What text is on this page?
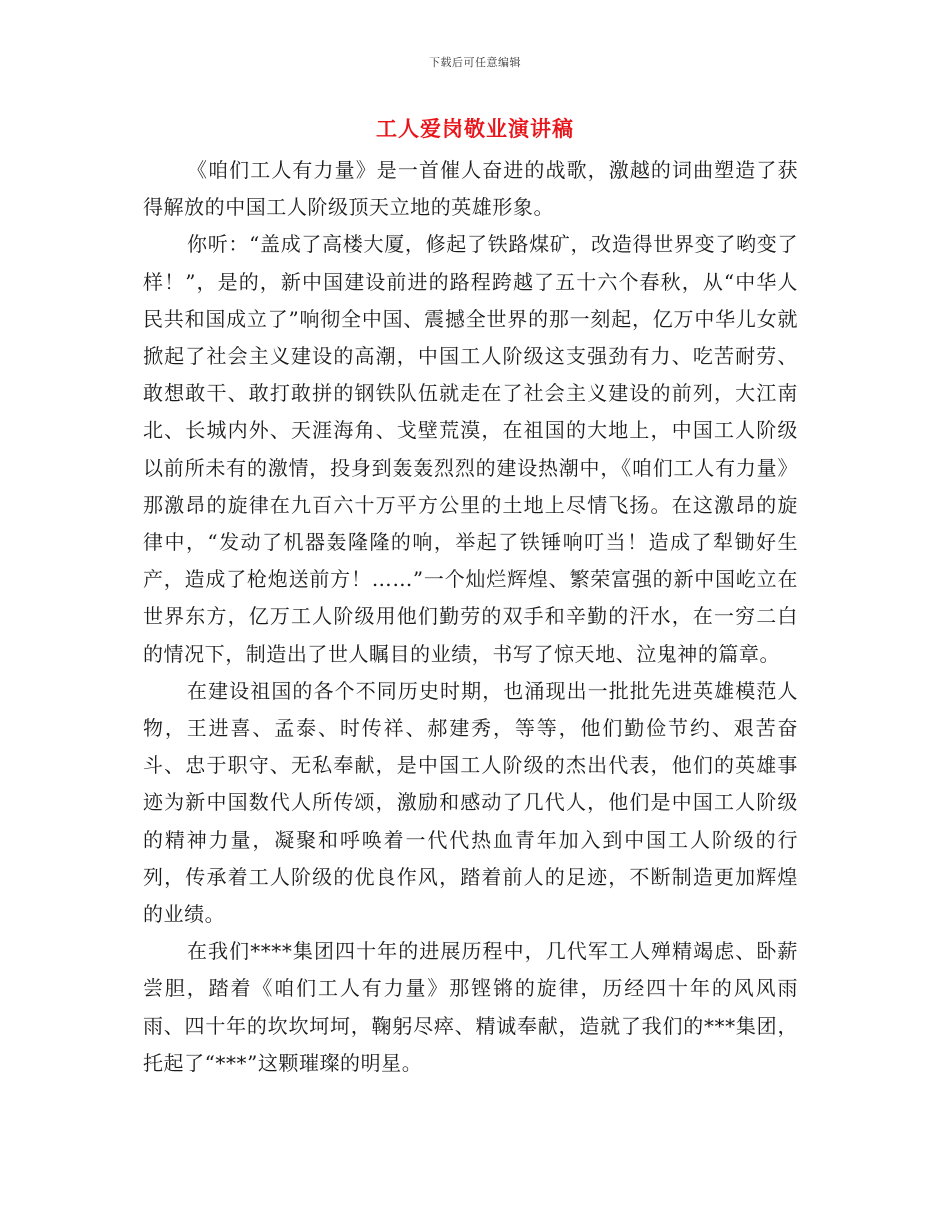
下载后可任意编辑
工人爱岗敬业演讲稿

《咱们工人有力量》是一首催人奋进的战歌，激越的词曲塑造了获得解放的中国工人阶级顶天立地的英雄形象。

你听：“盖成了高楼大厦，修起了铁路煤矿，改造得世界变了哟变了样！”，是的，新中国建设前进的路程跨越了五十六个春秋，从“中华人民共和国成立了”响彻全中国、震撼全世界的那一刻起，亿万中华儿女就掀起了社会主义建设的高潮，中国工人阶级这支强劲有力、吃苦耐劳、敢想敢干、敢打敢拼的钢铁队伍就走在了社会主义建设的前列，大江南北、长城内外、天涯海角、戈壁荒漠，在祖国的大地上，中国工人阶级以前所未有的激情，投身到轰轰烈烈的建设热潮中，《咱们工人有力量》那激昂的旋律在九百六十万平方公里的土地上尽情飞扬。在这激昂的旋律中，“发动了机器轰隆隆的响，举起了铁锤响叮当！造成了犁锄好生产，造成了枪炮送前方！……”一个灿烂辉煌、繁荣富强的新中国屹立在世界东方，亿万工人阶级用他们勤劳的双手和辛勤的汗水，在一穷二白的情况下，制造出了世人瞩目的业绩，书写了惊天地、泣鬼神的篇章。

在建设祖国的各个不同历史时期，也涌现出一批批先进英雄模范人物，王进喜、孟泰、时传祥、郝建秀，等等，他们勤俭节约、艰苦奋斗、忠于职守、无私奉献，是中国工人阶级的杰出代表，他们的英雄事迹为新中国数代人所传颂，激励和感动了几代人，他们是中国工人阶级的精神力量，凝聚和呼唤着一代代热血青年加入到中国工人阶级的行列，传承着工人阶级的优良作风，踏着前人的足迹，不断制造更加辉煌的业绩。

在我们****集团四十年的进展历程中，几代军工人殚精竭虑、卧薪尝胆，踏着《咱们工人有力量》那铿锵的旋律，历经四十年的风风雨雨、四十年的坎坎坷坷，鞠躬尽瘁、精诚奉献，造就了我们的***集团，托起了“***”这颗璀璨的明星。
